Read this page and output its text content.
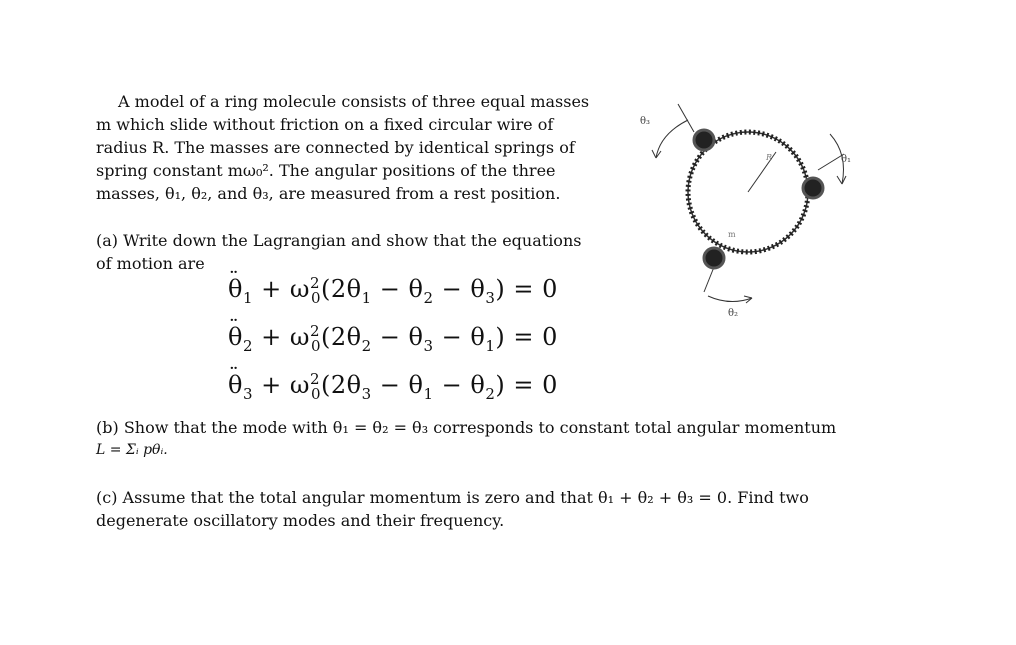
A model of a ring molecule consists of three equal masses
m which slide without friction on a fixed circular wire of
radius R. The masses are connected by identical springs of
spring constant mω₀². The angular positions of the three
masses, θ₁, θ₂, and θ₃, are measured from a rest position.
(a) Write down the Lagrangian and show that the equations
of motion are
·· $\theta_1 + \omega^2_0(2\theta_1 - \theta_2 - \theta_3) = 0$
·· $\theta_2 + \omega^2_0(2\theta_2 - \theta_3 - \theta_1) = 0$
·· $\theta_3 + \omega^2_0(2\theta_3 - \theta_1 - \theta_2) = 0$
(b) Show that the mode with θ₁ = θ₂ = θ₃ corresponds to constant total angular momentum
L = Σᵢ pθᵢ.
(c) Assume that the total angular momentum is zero and that θ₁ + θ₂ + θ₃ = 0. Find two
degenerate oscillatory modes and their frequency.
θ₁
θ₂
θ₃
m
R
